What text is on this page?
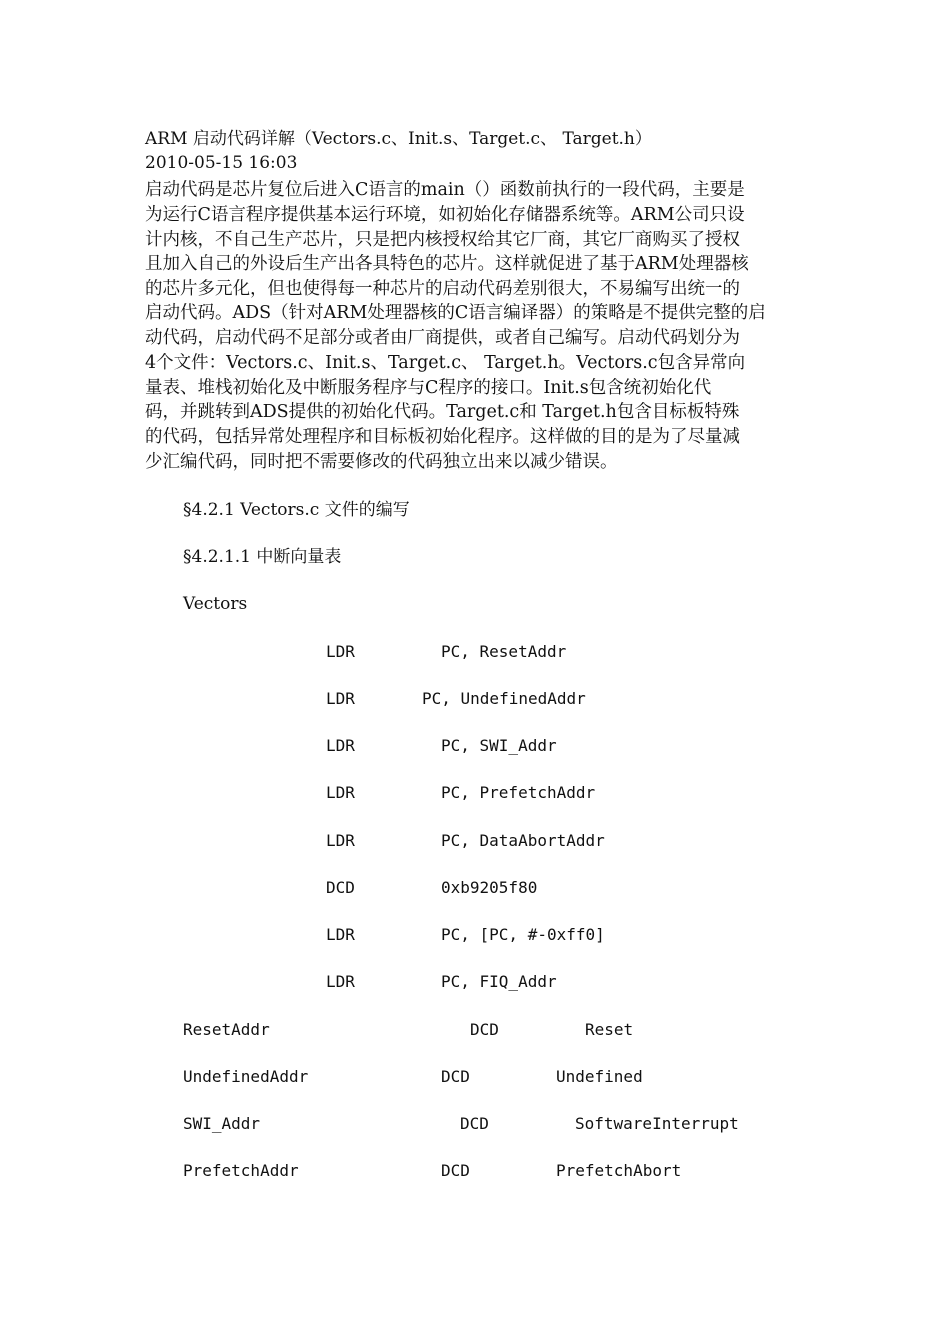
ARM 启动代码详解（Vectors.c、Init.s、Target.c、 Target.h）
2010-05-15 16:03
启动代码是芯片复位后进入C语言的main（）函数前执行的一段代码，主要是
为运行C语言程序提供基本运行环境，如初始化存储器系统等。ARM公司只设
计内核，不自己生产芯片，只是把内核授权给其它厂商，其它厂商购买了授权
且加入自己的外设后生产出各具特色的芯片。这样就促进了基于ARM处理器核
的芯片多元化，但也使得每一种芯片的启动代码差别很大，不易编写出统一的
启动代码。ADS（针对ARM处理器核的C语言编译器）的策略是不提供完整的启
动代码，启动代码不足部分或者由厂商提供，或者自己编写。启动代码划分为
4个文件：Vectors.c、Init.s、Target.c、 Target.h。Vectors.c包含异常向
量表、堆栈初始化及中断服务程序与C程序的接口。Init.s包含统初始化代
码，并跳转到ADS提供的初始化代码。Target.c和 Target.h包含目标板特殊
的代码，包括异常处理程序和目标板初始化程序。这样做的目的是为了尽量减
少汇编代码，同时把不需要修改的代码独立出来以减少错误。
§4.2.1 Vectors.c 文件的编写
§4.2.1.1 中断向量表
Vectors
LDR	PC, ResetAddr
LDR	PC, UndefinedAddr
LDR	PC, SWI_Addr
LDR	PC, PrefetchAddr
LDR	PC, DataAbortAddr
DCD	0xb9205f80
LDR	PC, [PC, #-0xff0]
LDR	PC, FIQ_Addr
ResetAddr	DCD	Reset
UndefinedAddr	DCD	Undefined
SWI_Addr	DCD	SoftwareInterrupt
PrefetchAddr	DCD	PrefetchAbort
